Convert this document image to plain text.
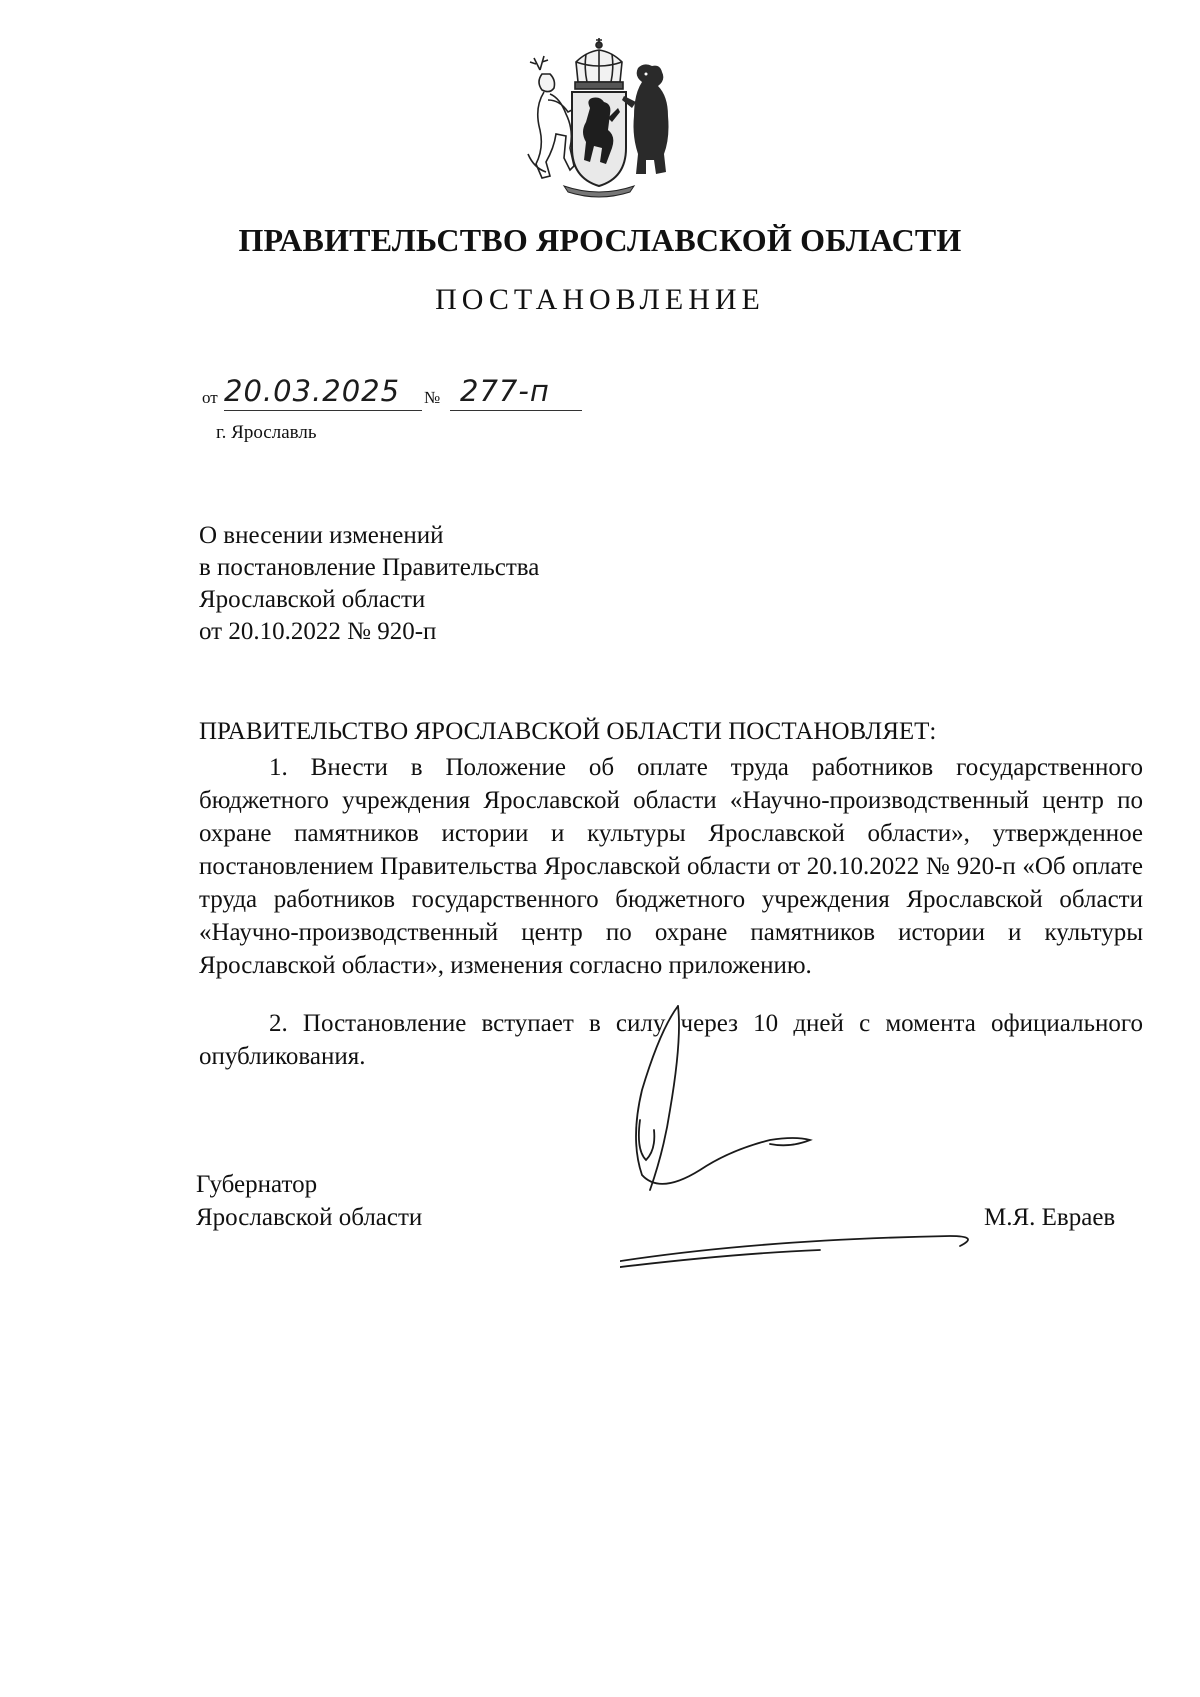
ПРАВИТЕЛЬСТВО ЯРОСЛАВСКОЙ ОБЛАСТИ
ПОСТАНОВЛЕНИЕ
от 20.03.2025	№ 277-п
г. Ярославль
О внесении изменений
в постановление Правительства
Ярославской области
от 20.10.2022 № 920-п
ПРАВИТЕЛЬСТВО ЯРОСЛАВСКОЙ ОБЛАСТИ ПОСТАНОВЛЯЕТ:
1. Внести в Положение об оплате труда работников государственного бюджетного учреждения Ярославской области «Научно-производственный центр по охране памятников истории и культуры Ярославской области», утвержденное постановлением Правительства Ярославской области от 20.10.2022 № 920-п «Об оплате труда работников государственного бюджетного учреждения Ярославской области «Научно-производственный центр по охране памятников истории и культуры Ярославской области», изменения согласно приложению.
2. Постановление вступает в силу через 10 дней с момента официального опубликования.
Губернатор
Ярославской области	М.Я. Евраев
